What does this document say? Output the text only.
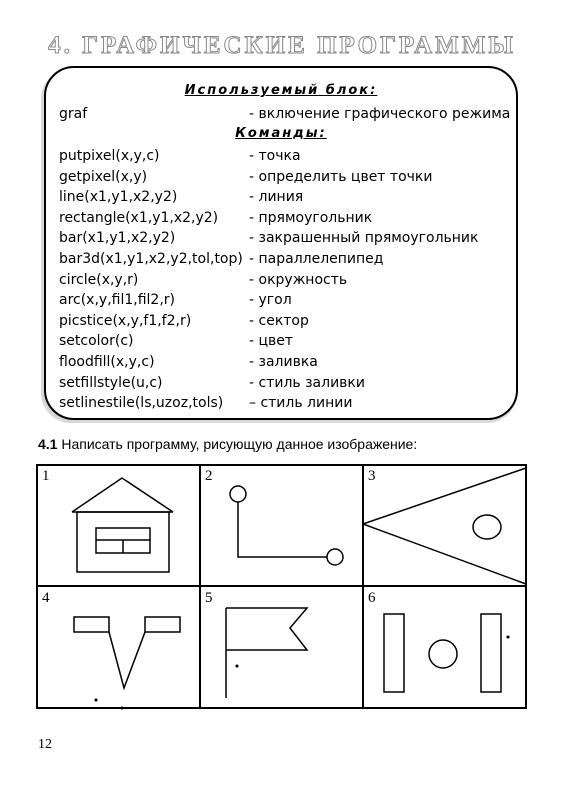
4. ГРАФИЧЕСКИЕ ПРОГРАММЫ
Используемый блок:
graf	- включение графического режима
Команды:
putpixel(x,y,c)	- точка
getpixel(x,y)	- определить цвет точки
line(x1,y1,x2,y2)	- линия
rectangle(x1,y1,x2,y2) - прямоугольник
bar(x1,y1,x2,y2)	- закрашенный прямоугольник
bar3d(x1,y1,x2,y2,tol,top) - параллелепипед
circle(x,y,r)	- окружность
arc(x,y,fil1,fil2,r)	- угол
picstice(x,y,f1,f2,r)	- сектор
setcolor(c)	- цвет
floodfill(x,y,c)	- заливка
setfillstyle(u,c)	- стиль заливки
setlinestile(ls,uzoz,tols) – стиль линии
4.1 Написать программу, рисующую данное изображение:
1	2	3
4	5	6
12
